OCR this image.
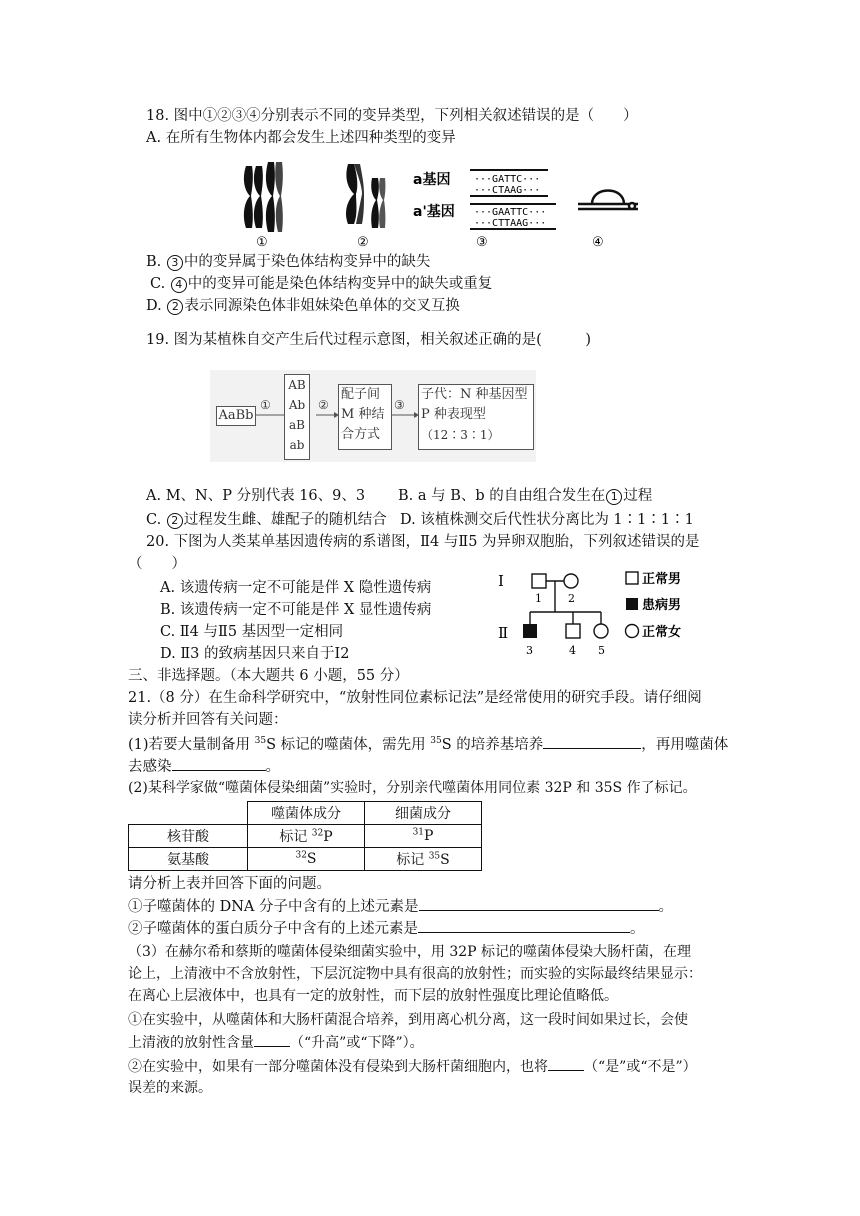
18. 图中①②③④分别表示不同的变异类型，下列相关叙述错误的是（　　）
A. 在所有生物体内都会发生上述四种类型的变异
a基因
a'基因
···GATTC···
···CTAAG···
···GAATTC···
···CTTAAG···
①	②	③	④
B. 3 中的变异属于染色体结构变异中的缺失
C. 4 中的变异可能是染色体结构变异中的缺失或重复
D. 2 表示同源染色体非姐妹染色单体的交叉互换
19. 图为某植株自交产生后代过程示意图，相关叙述正确的是(　　　)
AaBb
①	②	③
AB
Ab
aB
ab
配子间
M 种结
合方式
子代：N 种基因型
P 种表现型
（12∶3∶1）
A. M、N、P 分别代表 16、9、3 B. a 与 B、b 的自由组合发生在 1 过程
C. 2 过程发生雌、雄配子的随机结合 D. 该植株测交后代性状分离比为 1∶1∶1∶1
20. 下图为人类某单基因遗传病的系谱图，Ⅱ4 与Ⅱ5 为异卵双胞胎，下列叙述错误的是
（　　）
A. 该遗传病一定不可能是伴 X 隐性遗传病
B. 该遗传病一定不可能是伴 X 显性遗传病
C. Ⅱ4 与Ⅱ5 基因型一定相同
D. Ⅱ3 的致病基因只来自于Ⅰ2
Ⅰ
Ⅱ
1 2
3	4 5
正常男
患病男
正常女
三、非选择题。（本大题共 6 小题，55 分）
21.（8 分）在生命科学研究中，“放射性同位素标记法”是经常使用的研究手段。请仔细阅
读分析并回答有关问题：
(1)若要大量制备用 $^{35}$S 标记的噬菌体，需先用 $^{35}$S 的培养基培养	，再用噬菌体
去感染	。
(2)某科学家做“噬菌体侵染细菌”实验时，分别亲代噬菌体用同位素 32P 和 35S 作了标记。
	噬菌体成分	细菌成分
核苷酸	标记 $^{32}$P	$^{31}$P
氨基酸	$^{32}$S	标记 $^{35}$S
请分析上表并回答下面的问题。
①子噬菌体的 DNA 分子中含有的上述元素是	。
②子噬菌体的蛋白质分子中含有的上述元素是	。
（3）在赫尔希和蔡斯的噬菌体侵染细菌实验中，用 32P 标记的噬菌体侵染大肠杆菌，在理
论上，上清液中不含放射性，下层沉淀物中具有很高的放射性；而实验的实际最终结果显示：
在离心上层液体中，也具有一定的放射性，而下层的放射性强度比理论值略低。
①在实验中，从噬菌体和大肠杆菌混合培养，到用离心机分离，这一段时间如果过长，会使
上清液的放射性含量	（“升高”或“下降”）。
②在实验中，如果有一部分噬菌体没有侵染到大肠杆菌细胞内，也将	（“是”或“不是”）
误差的来源。
